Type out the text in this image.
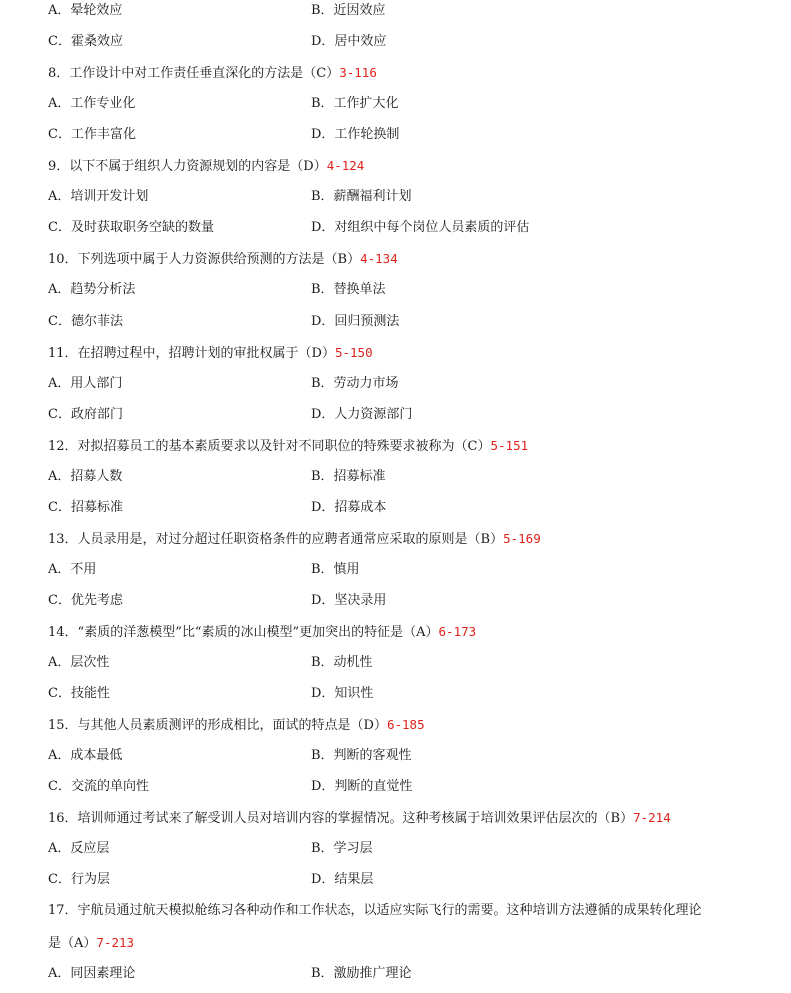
A．晕轮效应	B．近因效应
C．霍桑效应	D．居中效应
8．工作设计中对工作责任垂直深化的方法是（C）3-116
A．工作专业化	B．工作扩大化
C．工作丰富化	D．工作轮换制
9．以下不属于组织人力资源规划的内容是（D）4-124
A．培训开发计划	B．薪酬福利计划
C．及时获取职务空缺的数量	D．对组织中每个岗位人员素质的评估
10．下列选项中属于人力资源供给预测的方法是（B）4-134
A．趋势分析法	B．替换单法
C．德尔菲法	D．回归预测法
11．在招聘过程中，招聘计划的审批权属于（D）5-150
A．用人部门	B．劳动力市场
C．政府部门	D．人力资源部门
12．对拟招募员工的基本素质要求以及针对不同职位的特殊要求被称为（C）5-151
A．招募人数	B．招募标准
C．招募标准	D．招募成本
13．人员录用是，对过分超过任职资格条件的应聘者通常应采取的原则是（B）5-169
A．不用	B．慎用
C．优先考虑	D．坚决录用
14．“素质的洋葱模型”比“素质的冰山模型”更加突出的特征是（A）6-173
A．层次性	B．动机性
C．技能性	D．知识性
15．与其他人员素质测评的形成相比，面试的特点是（D）6-185
A．成本最低	B．判断的客观性
C．交流的单向性	D．判断的直觉性
16．培训师通过考试来了解受训人员对培训内容的掌握情况。这种考核属于培训效果评估层次的（B）7-214
A．反应层	B．学习层
C．行为层	D．结果层
17．宇航员通过航天模拟舱练习各种动作和工作状态，以适应实际飞行的需要。这种培训方法遵循的成果转化理论
是（A）7-213
A．同因素理论	B．激励推广理论
